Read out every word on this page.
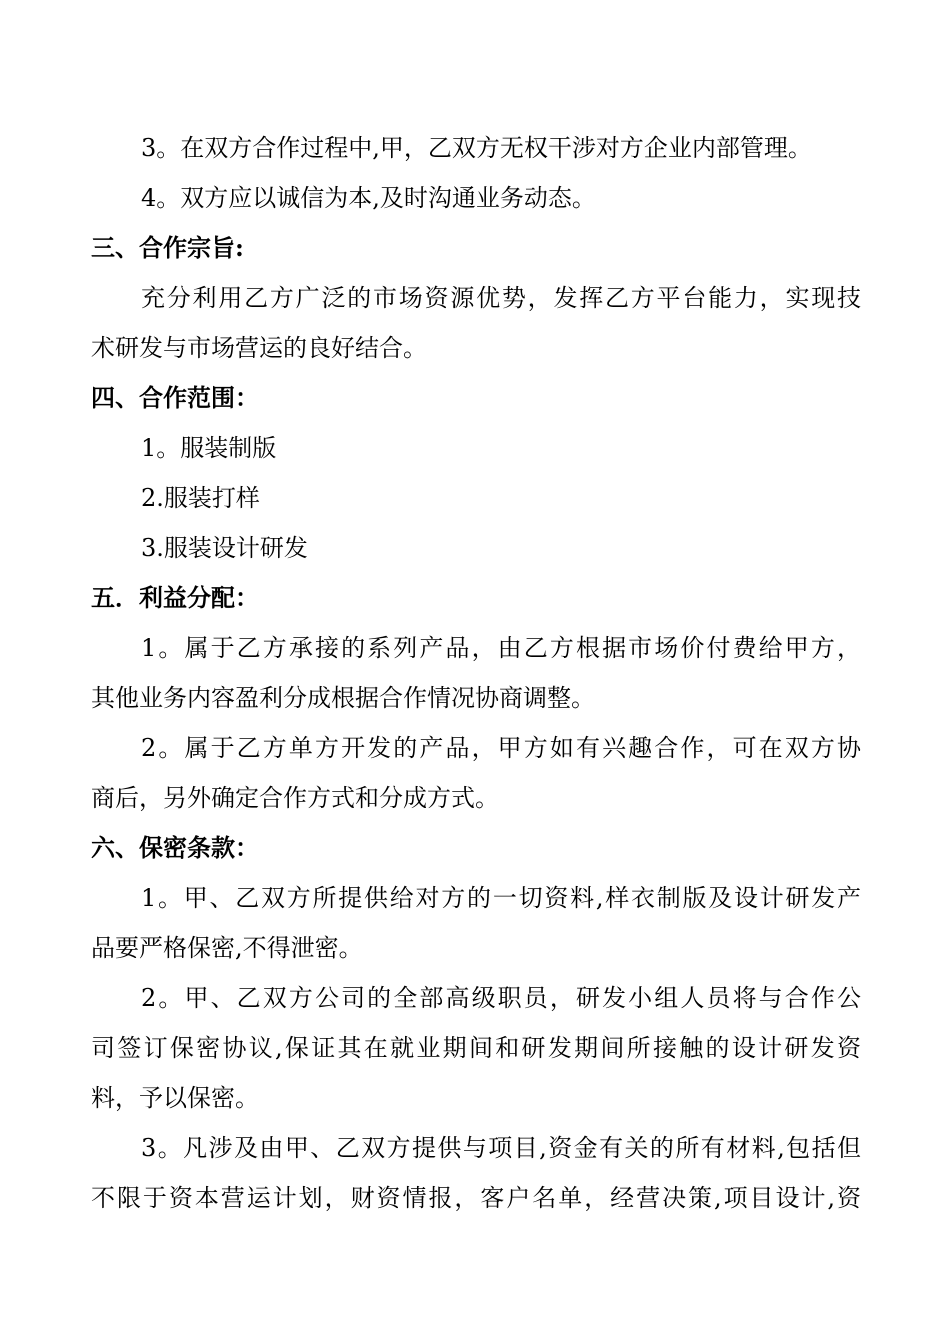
3。在双方合作过程中,甲，乙双方无权干涉对方企业内部管理。
4。双方应以诚信为本,及时沟通业务动态。
三、合作宗旨:
充分利用乙方广泛的市场资源优势，发挥乙方平台能力，实现技
术研发与市场营运的良好结合。
四、合作范围：
1。服装制版
2.服装打样
3.服装设计研发
五．利益分配：
1。属于乙方承接的系列产品，由乙方根据市场价付费给甲方，
其他业务内容盈利分成根据合作情况协商调整。
2。属于乙方单方开发的产品，甲方如有兴趣合作，可在双方协
商后，另外确定合作方式和分成方式。
六、保密条款：
1。甲、乙双方所提供给对方的一切资料,样衣制版及设计研发产
品要严格保密,不得泄密。
2。甲、乙双方公司的全部高级职员，研发小组人员将与合作公
司签订保密协议,保证其在就业期间和研发期间所接触的设计研发资
料，予以保密。
3。凡涉及由甲、乙双方提供与项目,资金有关的所有材料,包括但
不限于资本营运计划，财资情报，客户名单，经营决策,项目设计,资
